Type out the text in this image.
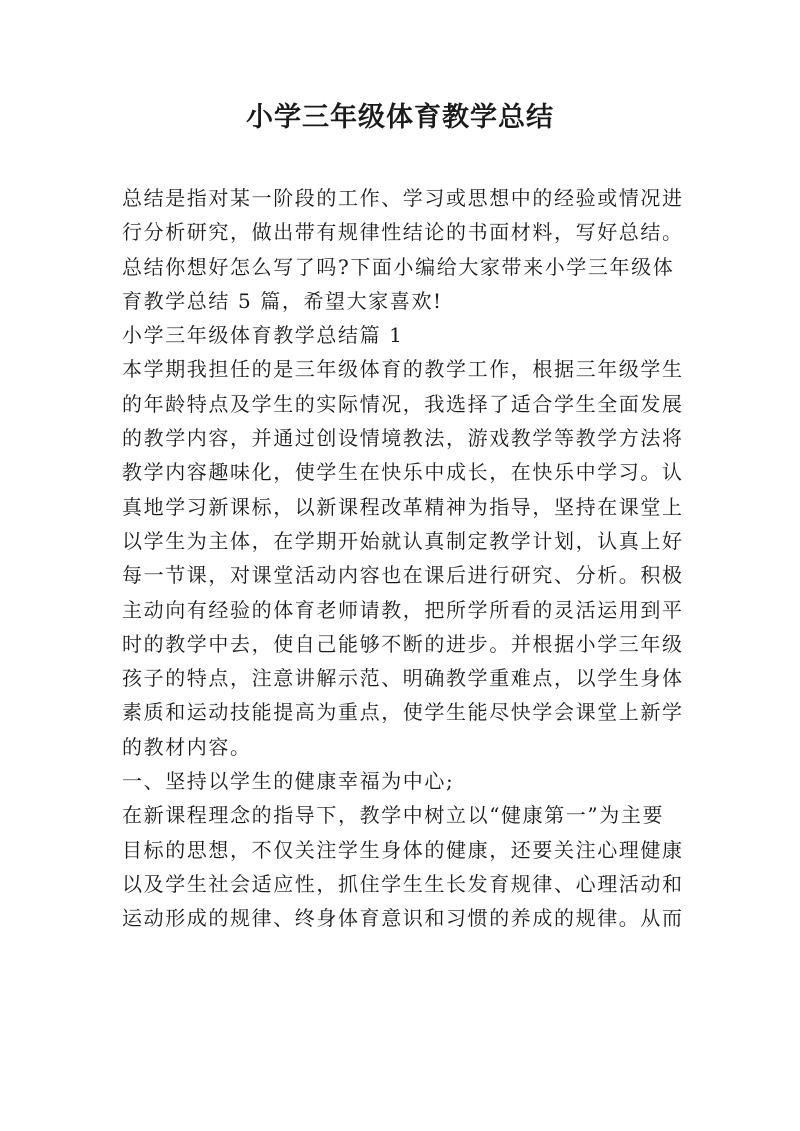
小学三年级体育教学总结
总结是指对某一阶段的工作、学习或思想中的经验或情况进
行分析研究，做出带有规律性结论的书面材料，写好总结。
总结你想好怎么写了吗?下面小编给大家带来小学三年级体
育教学总结 5 篇，希望大家喜欢!
小学三年级体育教学总结篇 1
本学期我担任的是三年级体育的教学工作，根据三年级学生
的年龄特点及学生的实际情况，我选择了适合学生全面发展
的教学内容，并通过创设情境教法，游戏教学等教学方法将
教学内容趣味化，使学生在快乐中成长，在快乐中学习。认
真地学习新课标，以新课程改革精神为指导，坚持在课堂上
以学生为主体，在学期开始就认真制定教学计划，认真上好
每一节课，对课堂活动内容也在课后进行研究、分析。积极
主动向有经验的体育老师请教，把所学所看的灵活运用到平
时的教学中去，使自己能够不断的进步。并根据小学三年级
孩子的特点，注意讲解示范、明确教学重难点，以学生身体
素质和运动技能提高为重点，使学生能尽快学会课堂上新学
的教材内容。
一、坚持以学生的健康幸福为中心;
在新课程理念的指导下，教学中树立以“健康第一”为主要
目标的思想，不仅关注学生身体的健康，还要关注心理健康
以及学生社会适应性，抓住学生生长发育规律、心理活动和
运动形成的规律、终身体育意识和习惯的养成的规律。从而
